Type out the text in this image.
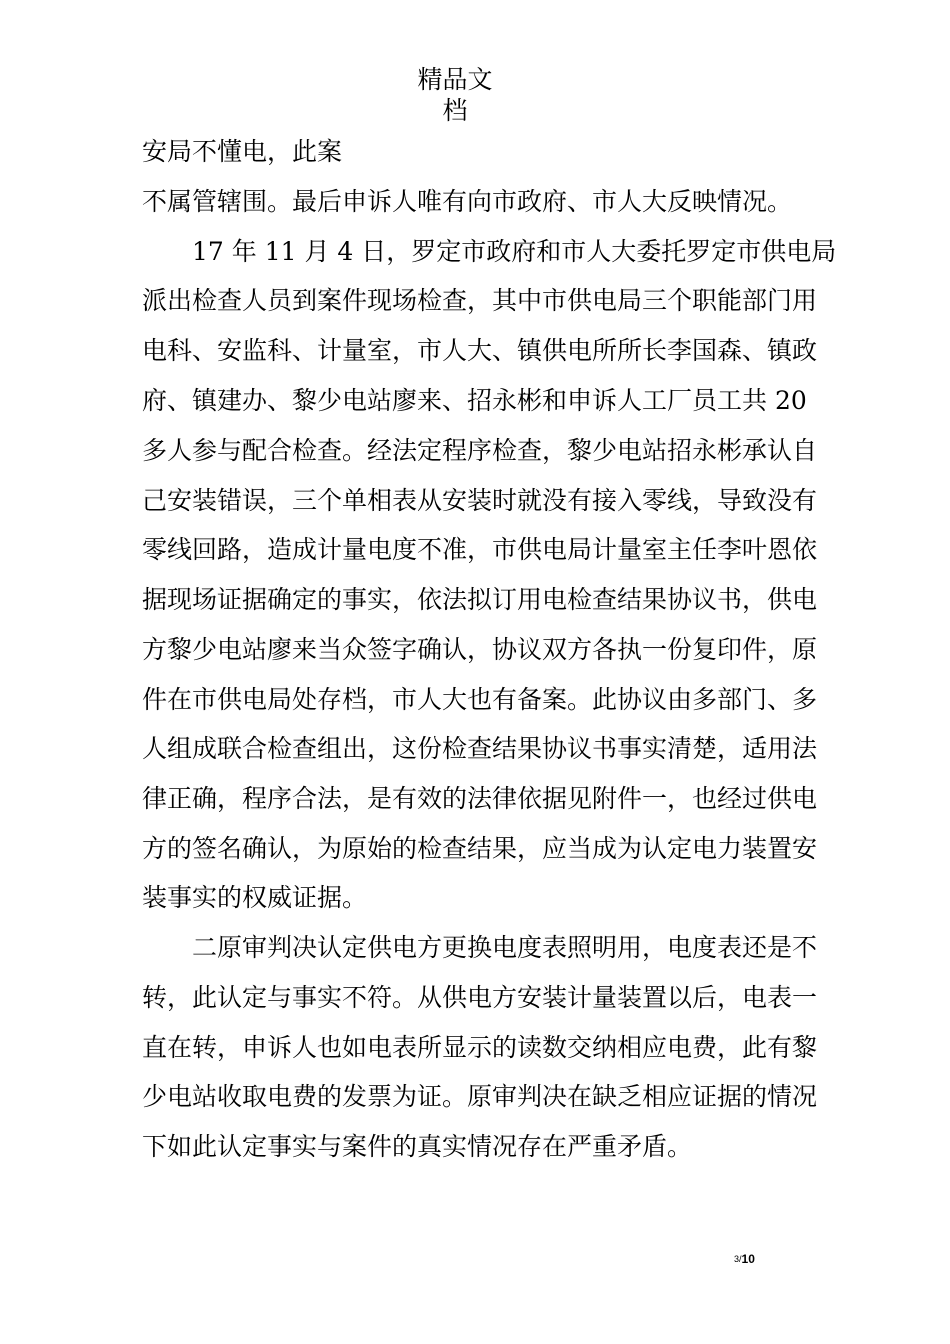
精品文
档
安局不懂电，此案
不属管辖围。最后申诉人唯有向市政府、市人大反映情况。
　　17 年 11 月 4 日，罗定市政府和市人大委托罗定市供电局
派出检查人员到案件现场检查，其中市供电局三个职能部门用
电科、安监科、计量室，市人大、镇供电所所长李国森、镇政
府、镇建办、黎少电站廖来、招永彬和申诉人工厂员工共 20
多人参与配合检查。经法定程序检查，黎少电站招永彬承认自
己安装错误，三个单相表从安装时就没有接入零线，导致没有
零线回路，造成计量电度不准，市供电局计量室主任李叶恩依
据现场证据确定的事实，依法拟订用电检查结果协议书，供电
方黎少电站廖来当众签字确认，协议双方各执一份复印件，原
件在市供电局处存档，市人大也有备案。此协议由多部门、多
人组成联合检查组出，这份检查结果协议书事实清楚，适用法
律正确，程序合法，是有效的法律依据见附件一，也经过供电
方的签名确认，为原始的检查结果，应当成为认定电力装置安
装事实的权威证据。
　　二原审判决认定供电方更换电度表照明用，电度表还是不
转，此认定与事实不符。从供电方安装计量装置以后，电表一
直在转，申诉人也如电表所显示的读数交纳相应电费，此有黎
少电站收取电费的发票为证。原审判决在缺乏相应证据的情况
下如此认定事实与案件的真实情况存在严重矛盾。
3/10
